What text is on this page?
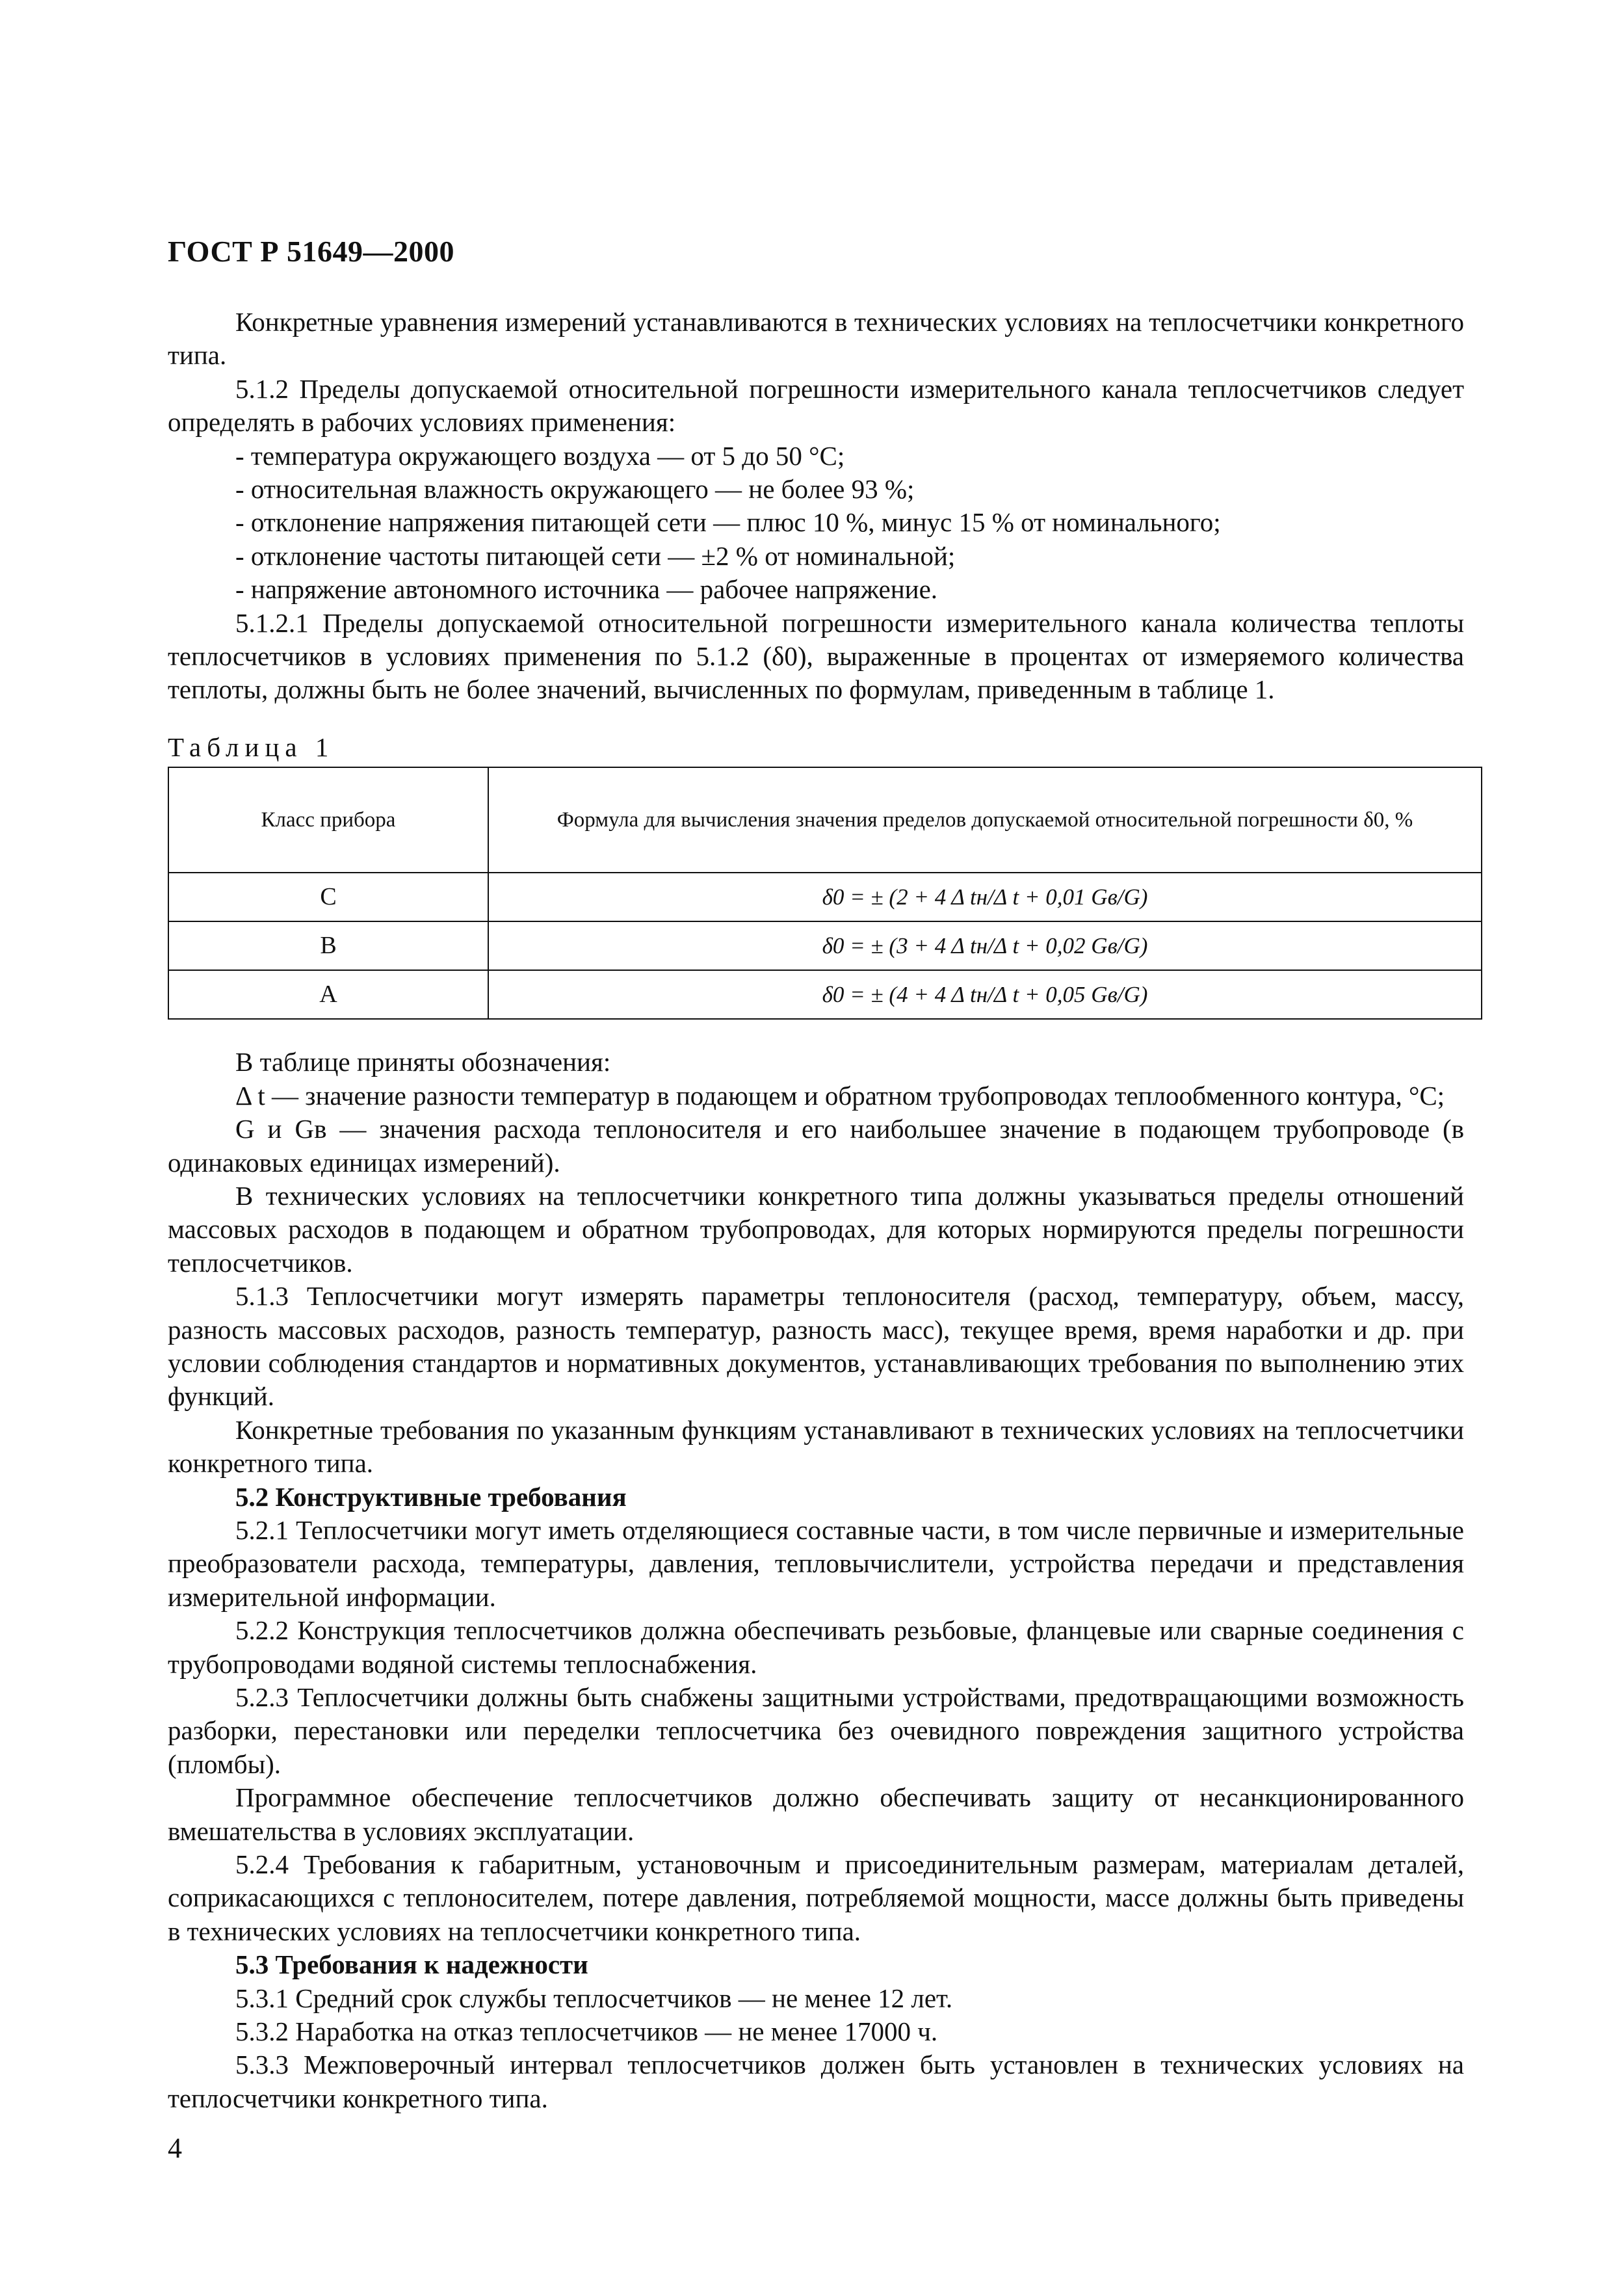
ГОСТ Р 51649—2000

Конкретные уравнения измерений устанавливаются в технических условиях на теплосчетчики конкретного типа.

5.1.2 Пределы допускаемой относительной погрешности измерительного канала теплосчетчиков следует определять в рабочих условиях применения:

- температура окружающего воздуха — от 5 до 50 °С;

- относительная влажность окружающего — не более 93 %;

- отклонение напряжения питающей сети — плюс 10 %, минус 15 % от номинального;

- отклонение частоты питающей сети — ±2 % от номинальной;

- напряжение автономного источника — рабочее напряжение.

5.1.2.1 Пределы допускаемой относительной погрешности измерительного канала количества теплоты теплосчетчиков в условиях применения по 5.1.2 (δ0), выраженные в процентах от измеряемого количества теплоты, должны быть не более значений, вычисленных по формулам, приведенным в таблице 1.

Таблица 1
Класс прибора	Формула для вычисления значения пределов допускаемой относительной погрешности δ0, %
С	δ0 = ± (2 + 4 Δ tн/Δ t + 0,01 Gв/G)
В	δ0 = ± (3 + 4 Δ tн/Δ t + 0,02 Gв/G)
А	δ0 = ± (4 + 4 Δ tн/Δ t + 0,05 Gв/G)

В таблице приняты обозначения:

Δ t — значение разности температур в подающем и обратном трубопроводах теплообменного контура, °С;

G и Gв — значения расхода теплоносителя и его наибольшее значение в подающем трубопроводе (в одинаковых единицах измерений).

В технических условиях на теплосчетчики конкретного типа должны указываться пределы отношений массовых расходов в подающем и обратном трубопроводах, для которых нормируются пределы погрешности теплосчетчиков.

5.1.3 Теплосчетчики могут измерять параметры теплоносителя (расход, температуру, объем, массу, разность массовых расходов, разность температур, разность масс), текущее время, время наработки и др. при условии соблюдения стандартов и нормативных документов, устанавливающих требования по выполнению этих функций.

Конкретные требования по указанным функциям устанавливают в технических условиях на теплосчетчики конкретного типа.

5.2 Конструктивные требования

5.2.1 Теплосчетчики могут иметь отделяющиеся составные части, в том числе первичные и измерительные преобразователи расхода, температуры, давления, тепловычислители, устройства передачи и представления измерительной информации.

5.2.2 Конструкция теплосчетчиков должна обеспечивать резьбовые, фланцевые или сварные соединения с трубопроводами водяной системы теплоснабжения.

5.2.3 Теплосчетчики должны быть снабжены защитными устройствами, предотвращающими возможность разборки, перестановки или переделки теплосчетчика без очевидного повреждения защитного устройства (пломбы).

Программное обеспечение теплосчетчиков должно обеспечивать защиту от несанкционированного вмешательства в условиях эксплуатации.

5.2.4 Требования к габаритным, установочным и присоединительным размерам, материалам деталей, соприкасающихся с теплоносителем, потере давления, потребляемой мощности, массе должны быть приведены в технических условиях на теплосчетчики конкретного типа.

5.3 Требования к надежности

5.3.1 Средний срок службы теплосчетчиков — не менее 12 лет.

5.3.2 Наработка на отказ теплосчетчиков — не менее 17000 ч.

5.3.3 Межповерочный интервал теплосчетчиков должен быть установлен в технических условиях на теплосчетчики конкретного типа.

4
